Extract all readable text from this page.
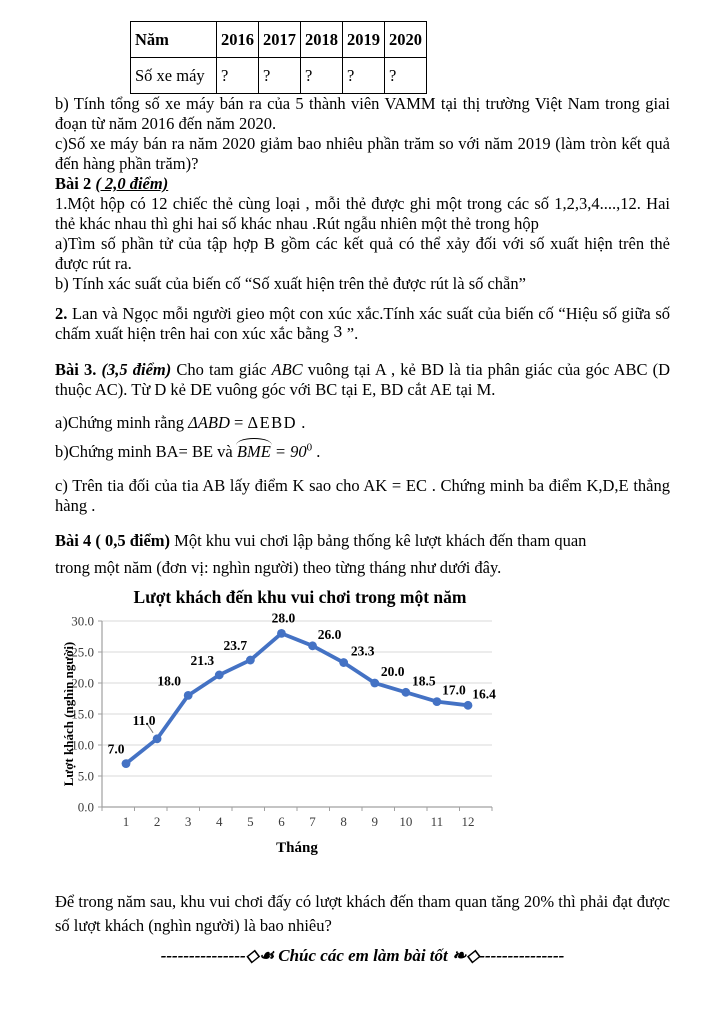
Năm	2016	2017	2018	2019	2020
Số xe máy	?	?	?	?	?

b) Tính tổng số xe máy bán ra của 5 thành viên VAMM tại thị trường Việt Nam trong giai đoạn từ năm 2016 đến năm 2020.

c)Số xe máy bán ra năm 2020 giảm bao nhiêu phần trăm so với năm 2019 (làm tròn kết quả đến hàng phần trăm)?

Bài 2 ( 2,0 điểm)

1.Một hộp có 12 chiếc thẻ cùng loại , mỗi thẻ được ghi một trong các số 1,2,3,4....,12. Hai thẻ khác nhau thì ghi hai số khác nhau .Rút ngẫu nhiên một thẻ trong hộp

a)Tìm số phần tử của tập hợp B gồm các kết quả có thể xảy đối với số xuất hiện trên thẻ được rút ra.

b) Tính xác suất của biến cố “Số xuất hiện trên thẻ được rút là số chẵn”

2. Lan và Ngọc mỗi người gieo một con xúc xắc.Tính xác suất của biến cố “Hiệu số giữa số chấm xuất hiện trên hai con xúc xắc bằng 3 ”.

Bài 3. (3,5 điểm) Cho tam giác ABC vuông tại A , kẻ BD là tia phân giác của góc ABC (D thuộc AC). Từ D kẻ DE vuông góc với BC tại E, BD cắt AE tại M.

a)Chứng minh rằng ΔABD = ΔEBD .

b)Chứng minh BA= BE và BME = $90^0$ .

c) Trên tia đối của tia AB lấy điểm K sao cho AK = EC . Chứng minh ba điểm K,D,E thẳng hàng .

Bài 4 ( 0,5 điểm) Một khu vui chơi lập bảng thống kê lượt khách đến tham quan
trong một năm (đơn vị: nghìn người) theo từng tháng như dưới đây.

0.0
5.0
10.0
15.0
20.0
25.0
30.0
7.0
11.0
18.0
21.3
23.7
28.0
26.0
23.3
20.0
18.5
17.0 16.4
1 2 3 4 5 6 7 8 9 10 11 12
Tháng
Lượt khách (nghìn người)
Lượt khách đến khu vui chơi trong một năm

Để trong năm sau, khu vui chơi đấy có lượt khách đến tham quan tăng 20% thì phải đạt được số lượt khách (nghìn người) là bao nhiêu?

---------------◇☙ Chúc các em làm bài tốt ❧◇---------------
